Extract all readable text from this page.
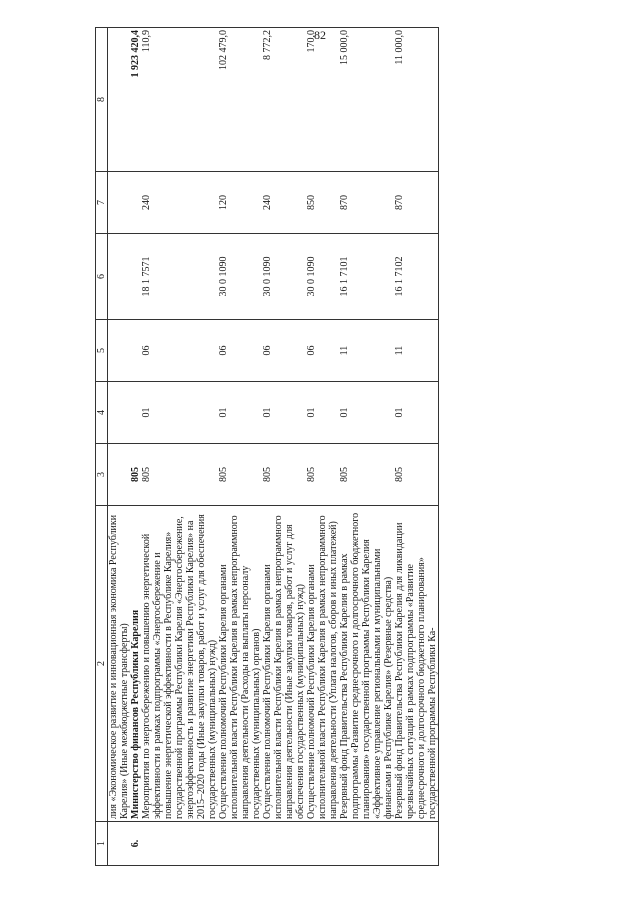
82
1	2	3	4	5	6	7	8
	лия «Экономическое развитие и инновационная экономика Республики Карелия» (Иные межбюджетные трансферты)						
6.	Министерство финансов Республики Карелия	805					1 923 420,4
	Мероприятия по энергосбережению и повышению энергетической эффективности в рамках подпрограммы «Энергосбережение и повышение энергетической эффективности в Республике Карелия» государственной программы Республики Карелия «Энергосбережение, энергоэффективность и развитие энергетики Республики Карелия» на 2015–2020 годы (Иные закупки товаров, работ и услуг для обеспечения государственных (муниципальных) нужд)	805	01	06	18 1 7571	240	110,9
	Осуществление полномочий Республики Карелия органами исполнительной власти Республики Карелия в рамках непрограммного направления деятельности (Расходы на выплаты персоналу государственных (муниципальных) органов)	805	01	06	30 0 1090	120	102 479,0
	Осуществление полномочий Республики Карелия органами исполнительной власти Республики Карелия в рамках непрограммного направления деятельности (Иные закупки товаров, работ и услуг для обеспечения государственных (муниципальных) нужд)	805	01	06	30 0 1090	240	8 772,2
	Осуществление полномочий Республики Карелия органами исполнительной власти Республики Карелия в рамках непрограммного направления деятельности (Уплата налогов, сборов и иных платежей)	805	01	06	30 0 1090	850	170,0
	Резервный фонд Правительства Республики Карелия в рамках подпрограммы «Развитие среднесрочного и долгосрочного бюджетного планирования» государственной программы Республики Карелия «Эффективное управление региональными и муниципальными финансами в Республике Карелия» (Резервные средства)	805	01	11	16 1 7101	870	15 000,0
	Резервный фонд Правительства Республики Карелия для ликвидации чрезвычайных ситуаций в рамках подпрограммы «Развитие среднесрочного и долгосрочного бюджетного планирования» государственной программы Республики Ка-	805	01	11	16 1 7102	870	11 000,0
